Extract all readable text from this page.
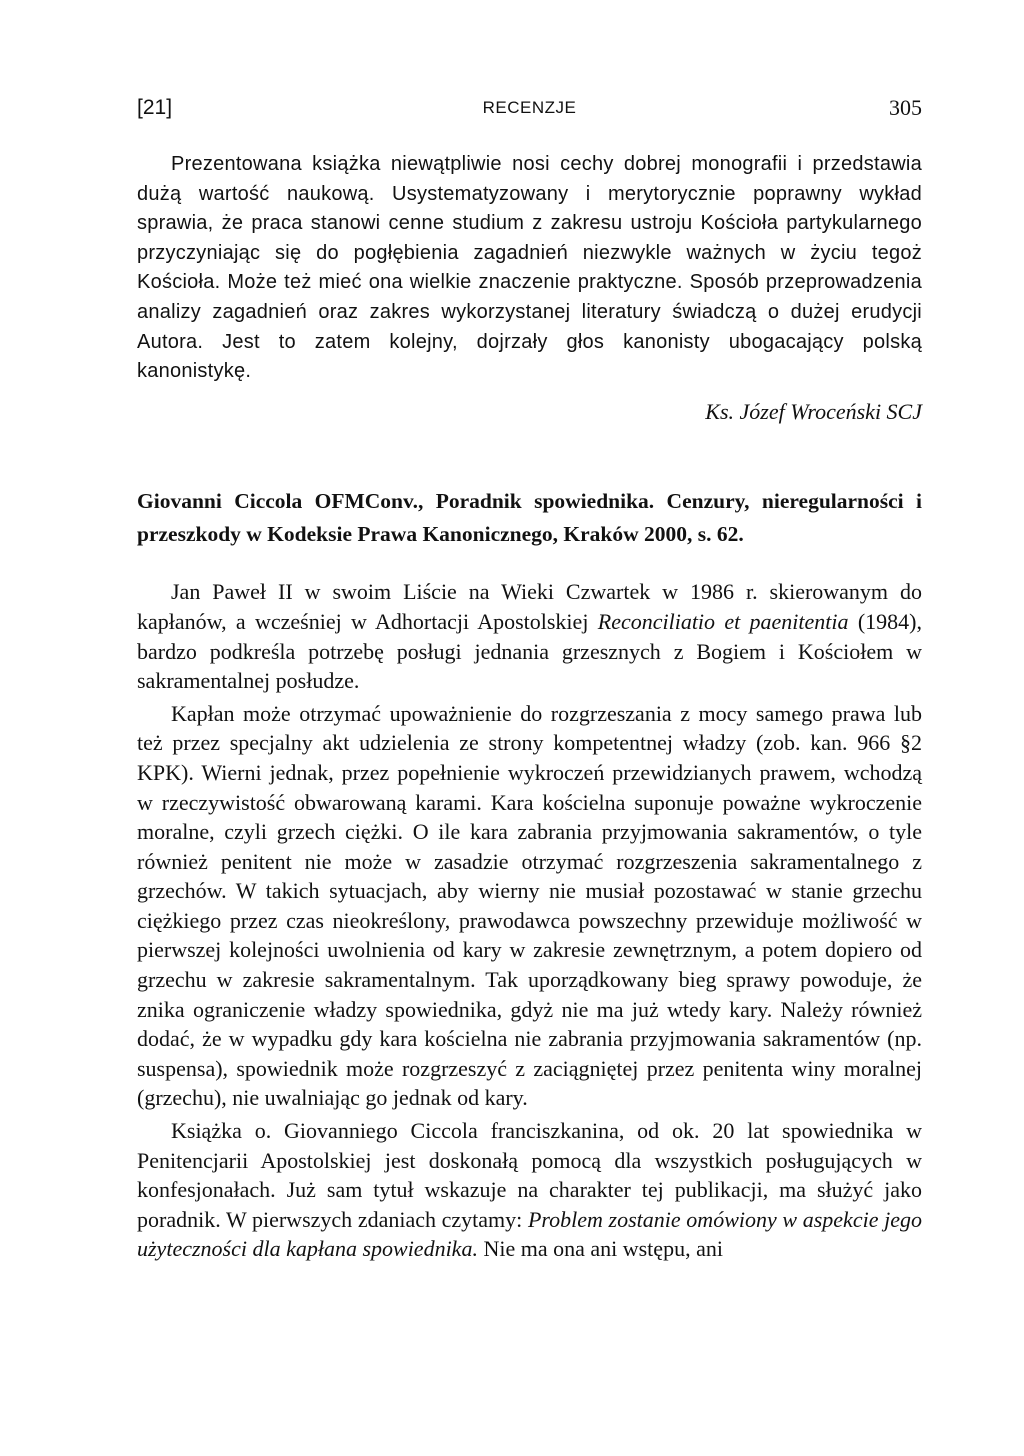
[21]	RECENZJE	305

Prezentowana książka niewątpliwie nosi cechy dobrej monografii i przedstawia dużą wartość naukową. Usystematyzowany i merytorycznie poprawny wykład sprawia, że praca stanowi cenne studium z zakresu ustroju Kościoła partykularnego przyczyniając się do pogłębienia zagadnień niezwykle ważnych w życiu tegoż Kościoła. Może też mieć ona wielkie znaczenie praktyczne. Sposób przeprowadzenia analizy zagadnień oraz zakres wykorzystanej literatury świadczą o dużej erudycji Autora. Jest to zatem kolejny, dojrzały głos kanonisty ubogacający polską kanonistykę.

Ks. Józef Wroceński SCJ
Giovanni Ciccola OFMConv., Poradnik spowiednika. Cenzury, nieregularności i przeszkody w Kodeksie Prawa Kanonicznego, Kraków 2000, s. 62.

Jan Paweł II w swoim Liście na Wieki Czwartek w 1986 r. skierowanym do kapłanów, a wcześniej w Adhortacji Apostolskiej Reconciliatio et paenitentia (1984), bardzo podkreśla potrzebę posługi jednania grzesznych z Bogiem i Kościołem w sakramentalnej posłudze.

Kapłan może otrzymać upoważnienie do rozgrzeszania z mocy samego prawa lub też przez specjalny akt udzielenia ze strony kompetentnej władzy (zob. kan. 966 §2 KPK). Wierni jednak, przez popełnienie wykroczeń przewidzianych prawem, wchodzą w rzeczywistość obwarowaną karami. Kara kościelna suponuje poważne wykroczenie moralne, czyli grzech ciężki. O ile kara zabrania przyjmowania sakramentów, o tyle również penitent nie może w zasadzie otrzymać rozgrzeszenia sakramentalnego z grzechów. W takich sytuacjach, aby wierny nie musiał pozostawać w stanie grzechu ciężkiego przez czas nieokreślony, prawodawca powszechny przewiduje możliwość w pierwszej kolejności uwolnienia od kary w zakresie zewnętrznym, a potem dopiero od grzechu w zakresie sakramentalnym. Tak uporządkowany bieg sprawy powoduje, że znika ograniczenie władzy spowiednika, gdyż nie ma już wtedy kary. Należy również dodać, że w wypadku gdy kara kościelna nie zabrania przyjmowania sakramentów (np. suspensa), spowiednik może rozgrzeszyć z zaciągniętej przez penitenta winy moralnej (grzechu), nie uwalniając go jednak od kary.

Książka o. Giovanniego Ciccola franciszkanina, od ok. 20 lat spowiednika w Penitencjarii Apostolskiej jest doskonałą pomocą dla wszystkich posługujących w konfesjonałach. Już sam tytuł wskazuje na charakter tej publikacji, ma służyć jako poradnik. W pierwszych zdaniach czytamy: Problem zostanie omówiony w aspekcie jego użyteczności dla kapłana spowiednika. Nie ma ona ani wstępu, ani
